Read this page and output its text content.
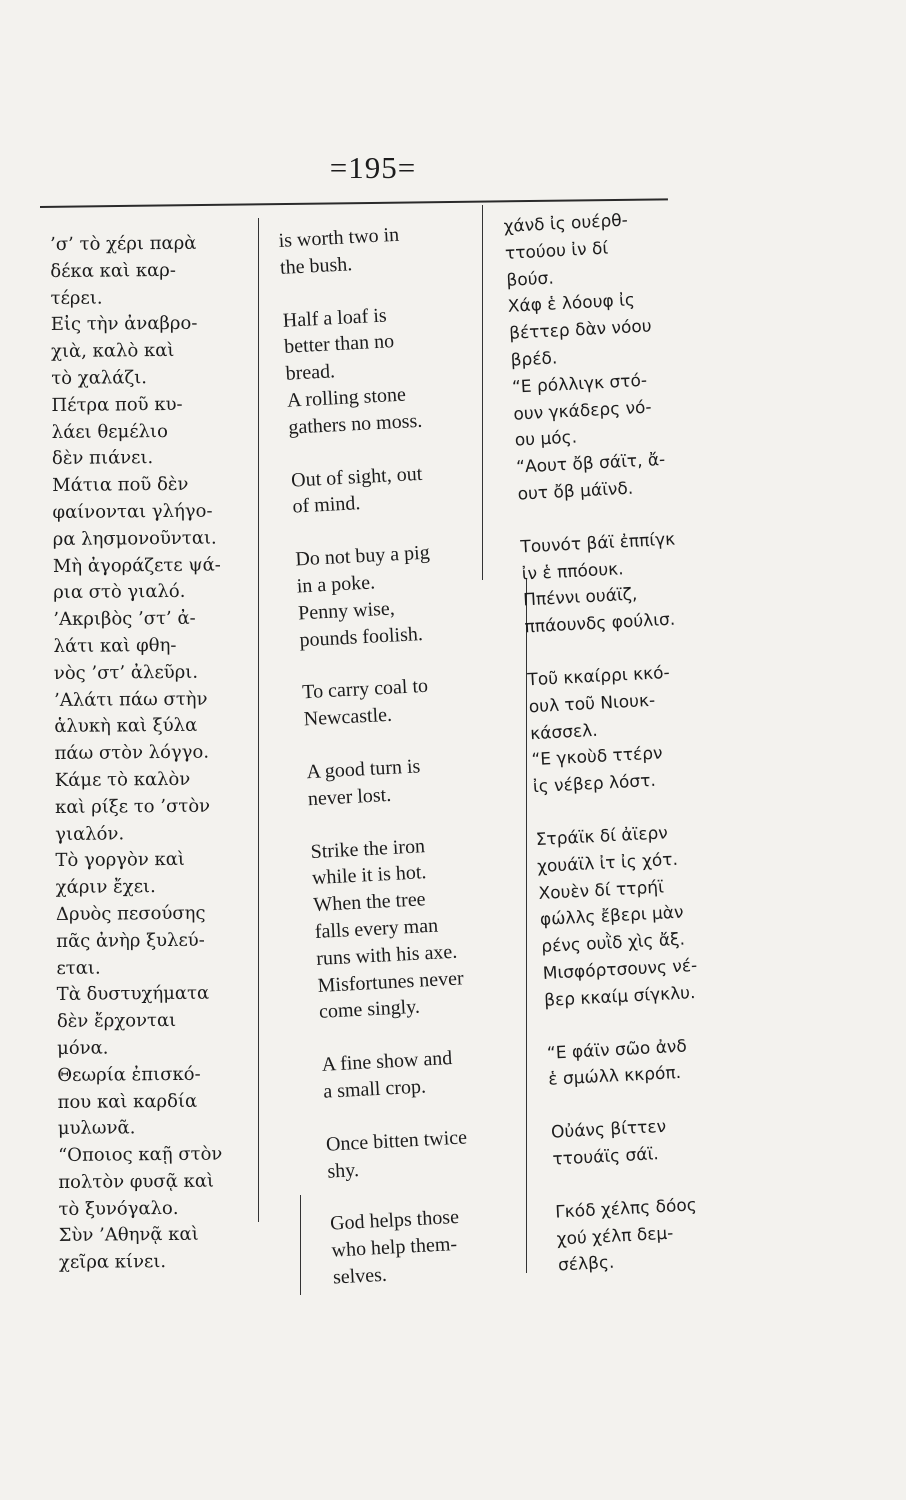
=195=

’σ’ τὸ χέρι παρὰ

δέκα καὶ καρ-

τέρει.

Εἰς τὴν ἀναβρο-

χιὰ, καλὸ καὶ

τὸ χαλάζι.

Πέτρα ποῦ κυ-

λάει θεμέλιο

δὲν πιάνει.

Μάτια ποῦ δὲν

φαίνονται γλήγο-

ρα λησμονοῦνται.

Μὴ ἀγοράζετε ψά-

ρια στὸ γιαλό.

’Ακριβὸς ’στ’ ἀ-

λάτι καὶ φθη-

νὸς ’στ’ ἀλεῦρι.

’Αλάτι πάω στὴν

ἁλυκὴ καὶ ξύλα

πάω στὸν λόγγο.

Κάμε τὸ καλὸν

καὶ ρίξε το ’στὸν

γιαλόν.

Τὸ γοργὸν καὶ

χάριν ἔχει.

Δρυὸς πεσούσης

πᾶς ἀνὴρ ξυλεύ-

εται.

Τὰ δυστυχήματα

δὲν ἔρχονται

μόνα.

Θεωρία ἐπισκό-

που καὶ καρδία

μυλωνᾶ.

“Οποιος καῇ στὸν

πολτὸν φυσᾷ καὶ

τὸ ξυνόγαλο.

Σὺν ’Αθηνᾷ καὶ

χεῖρα κίνει.

is worth two in

the bush.

Half a loaf is

better than no

bread.

A rolling stone

gathers no moss.

Out of sight, out

of mind.

Do not buy a pig

in a poke.

Penny wise,

pounds foolish.

To carry coal to

Newcastle.

A good turn is

never lost.

Strike the iron

while it is hot.

When the tree

falls every man

runs with his axe.

Misfortunes never

come singly.

A fine show and

a small crop.

Once bitten twice

shy.

God helps those

who help them-

selves.

χάνδ ἰς ουέρθ-

ττούου ἰν δί

βούσ.

Χάφ ἑ λόουφ ἰς

βέττερ δὰν νόου

βρέδ.

“Ε ρόλλιγκ στό-

ουν γκάδερς νό-

ου μός.

“Αουτ ὄβ σάϊτ, ἄ-

ουτ ὄβ μάϊνδ.

Τουνότ βάϊ ἐππίγκ

ἰν ἑ ππόουκ.

Ππέννι ουάϊζ,

ππάουνδς φούλισ.

Τοῦ κκαίρρι κκό-

ουλ τοῦ Νιουκ-

κάσσελ.

“Ε γκοὺδ ττέρν

ἰς νέβερ λόστ.

Στράϊκ δί ἀϊερν

χουάϊλ ἰτ ἰς χότ.

Χουὲν δί ττρήϊ

φώλλς ἔβερι μὰν

ρένς ουῒδ χὶς ἄξ.

Μισφόρτσουνς νέ-

βερ κκαίμ σίγκλυ.

“Ε φάϊν σῶο ἀνδ

ἑ σμώλλ κκρόπ.

Οὐάνς βίττεν

ττουάϊς σάϊ.

Γκόδ χέλπς δόος

χού χέλπ δεμ-

σέλβς.
